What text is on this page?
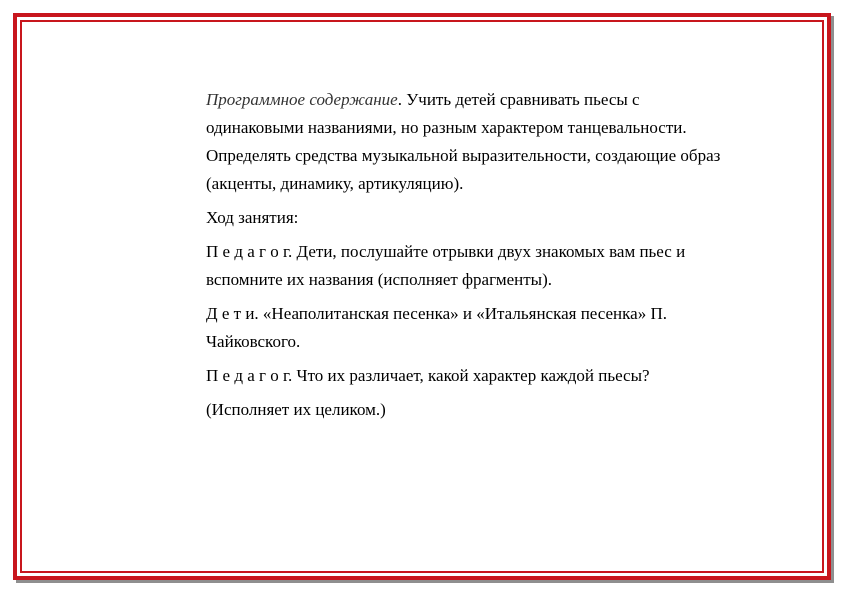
Программное содержание. Учить детей сравнивать пьесы с одинаковыми названиями, но разным характером танцевальности. Определять средства музыкальной выразительности, создающие образ (акценты, динамику, артикуляцию).

Ход занятия:

П е д а г о г. Дети, послушайте отрывки двух знакомых вам пьес и вспомните их названия (исполняет фрагменты).

Д е т и. «Неаполитанская песенка» и «Итальянская песенка» П. Чайковского.

П е д а г о г. Что их различает, какой характер каждой пьесы?

(Исполняет их целиком.)
